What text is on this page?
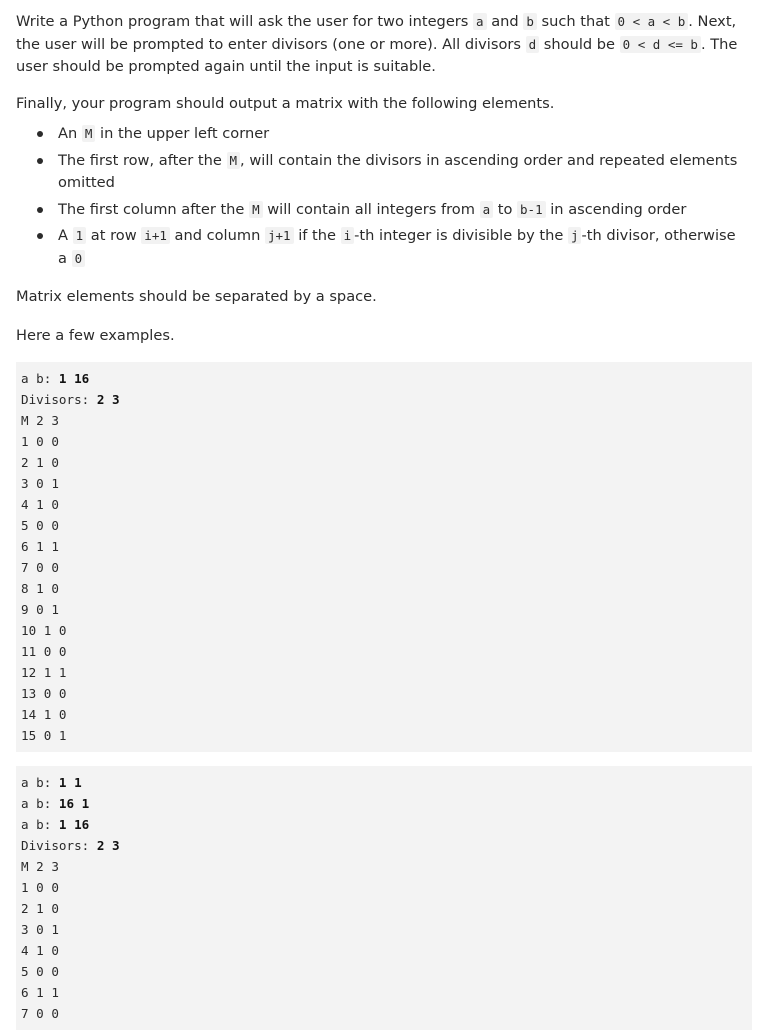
Write a Python program that will ask the user for two integers a and b such that 0 < a < b . Next, the user will be prompted to enter divisors (one or more). All divisors d should be 0 < d <= b . The user should be prompted again until the input is suitable.

Finally, your program should output a matrix with the following elements.

An M in the upper left corner
The first row, after the M , will contain the divisors in ascending order and repeated elements omitted
The first column after the M will contain all integers from a to b-1 in ascending order
A 1 at row i+1 and column j+1 if the i -th integer is divisible by the j -th divisor, otherwise a 0

Matrix elements should be separated by a space.

Here a few examples.

a b: 1 16
Divisors: 2 3
M 2 3
1 0 0
2 1 0
3 0 1
4 1 0
5 0 0
6 1 1
7 0 0
8 1 0
9 0 1
10 1 0
11 0 0
12 1 1
13 0 0
14 1 0
15 0 1
a b: 1 1
a b: 16 1
a b: 1 16
Divisors: 2 3
M 2 3
1 0 0
2 1 0
3 0 1
4 1 0
5 0 0
6 1 1
7 0 0
